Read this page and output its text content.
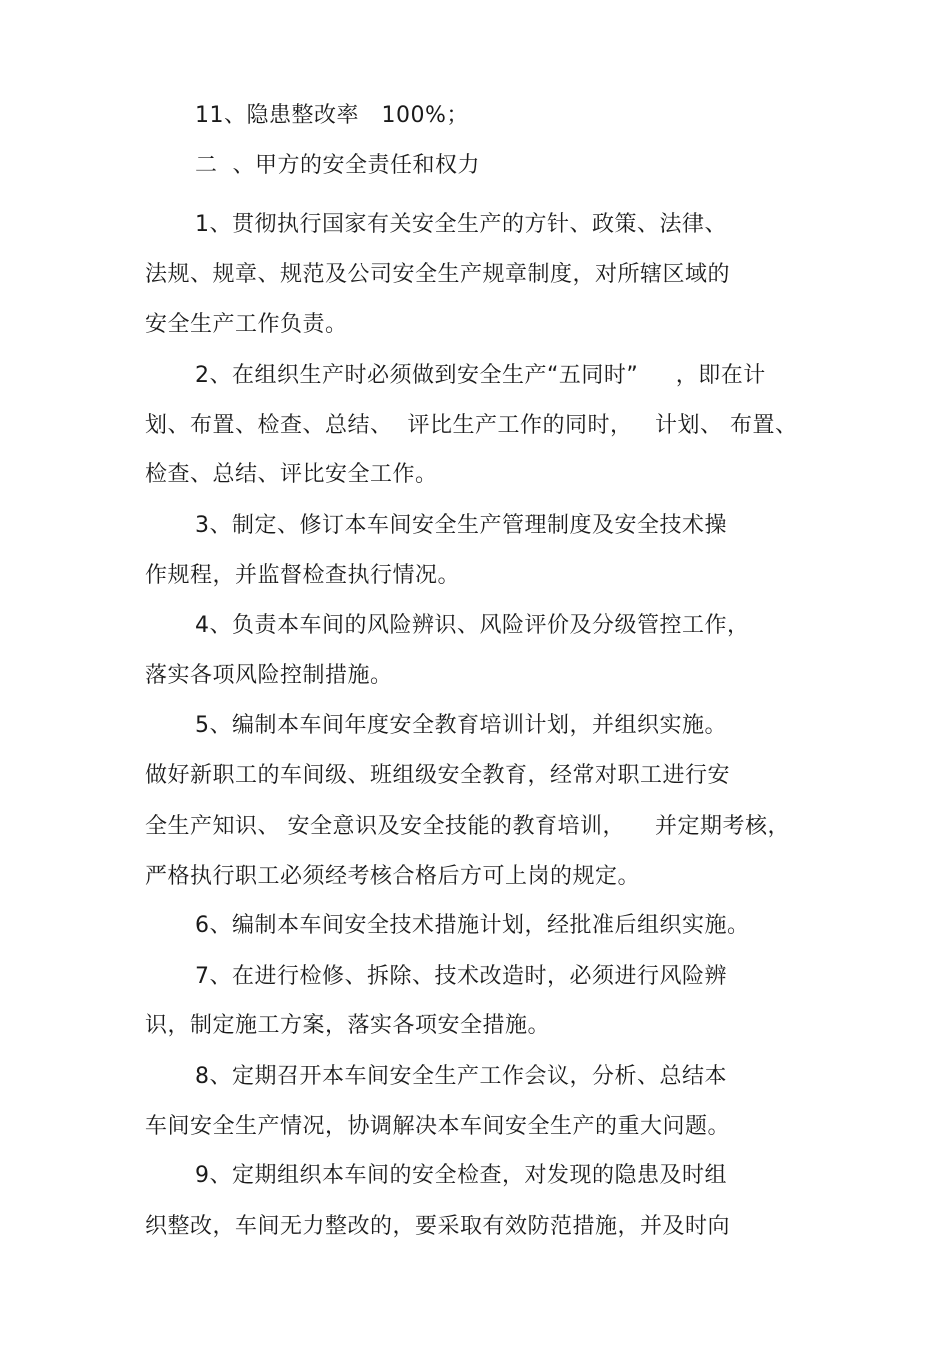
11、隐患整改率   100%；
二  、甲方的安全责任和权力
1、贯彻执行国家有关安全生产的方针、政策、法律、
法规、规章、规范及公司安全生产规章制度，对所辖区域的
安全生产工作负责。
2、在组织生产时必须做到安全生产“五同时”     ，即在计
划、布置、检查、总结、  评比生产工作的同时，   计划、 布置、
检查、总结、评比安全工作。
3、制定、修订本车间安全生产管理制度及安全技术操
作规程，并监督检查执行情况。
4、负责本车间的风险辨识、风险评价及分级管控工作，
落实各项风险控制措施。
5、编制本车间年度安全教育培训计划，并组织实施。
做好新职工的车间级、班组级安全教育，经常对职工进行安
全生产知识、 安全意识及安全技能的教育培训，    并定期考核，
严格执行职工必须经考核合格后方可上岗的规定。
6、编制本车间安全技术措施计划，经批准后组织实施。
7、在进行检修、拆除、技术改造时，必须进行风险辨
识，制定施工方案，落实各项安全措施。
8、定期召开本车间安全生产工作会议，分析、总结本
车间安全生产情况，协调解决本车间安全生产的重大问题。
9、定期组织本车间的安全检查，对发现的隐患及时组
织整改，车间无力整改的，要采取有效防范措施，并及时向
